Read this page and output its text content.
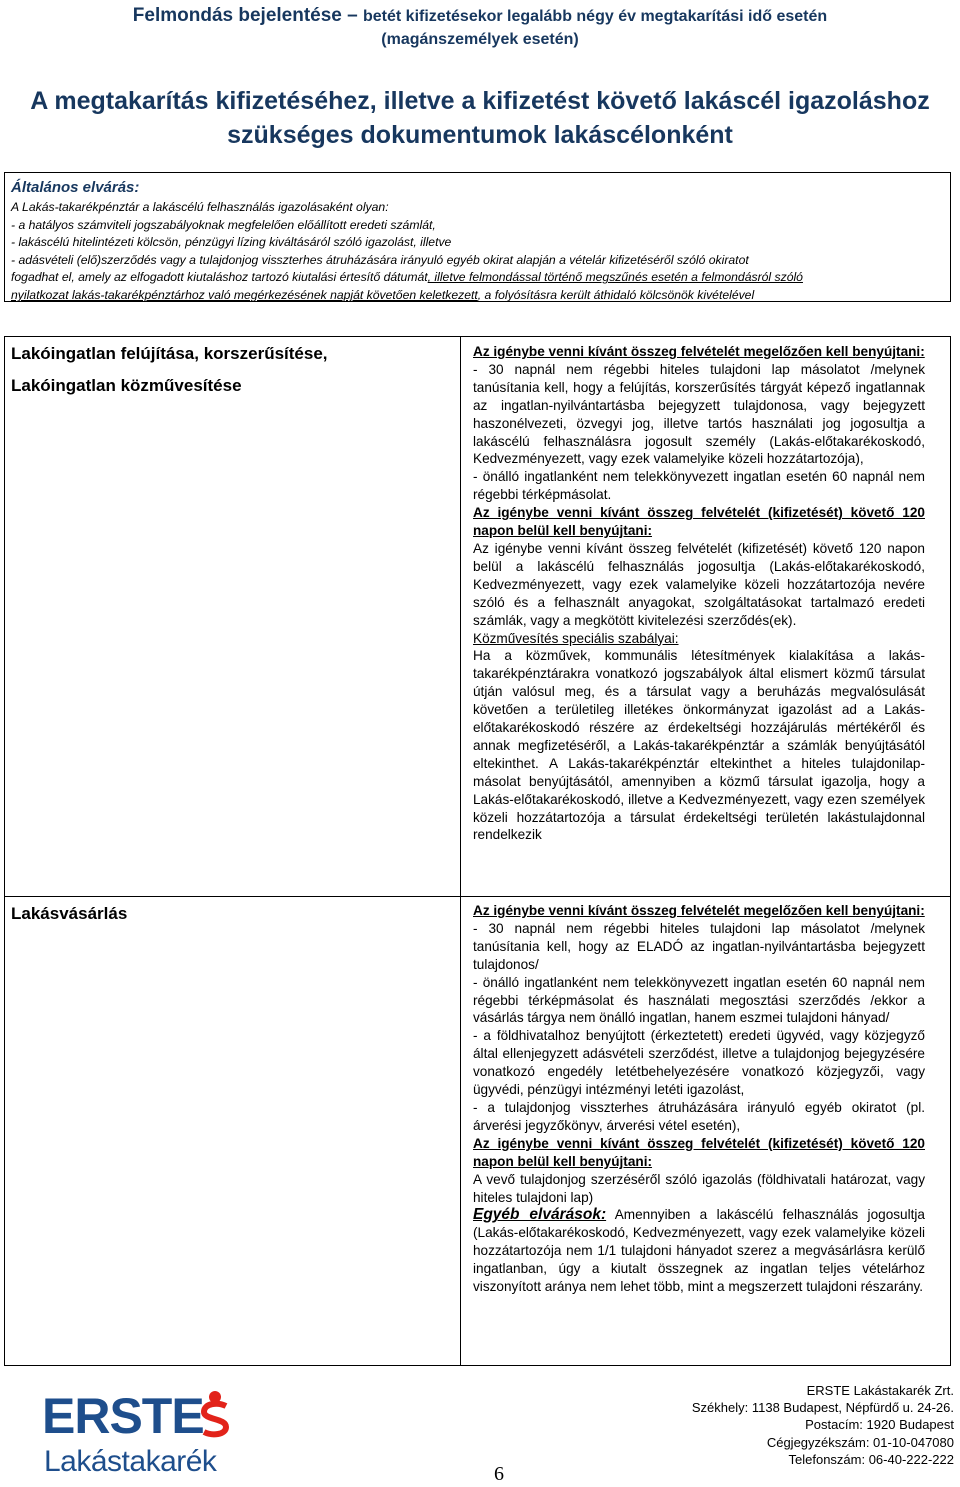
Felmondás bejelentése – betét kifizetésekor legalább négy év megtakarítási idő esetén
(magánszemélyek esetén)
A megtakarítás kifizetéséhez, illetve a kifizetést követő lakáscél igazoláshoz
szükséges dokumentumok lakáscélonként
Általános elvárás:
A Lakás-takarékpénztár a lakáscélú felhasználás igazolásaként olyan:
- a hatályos számviteli jogszabályoknak megfelelően előállított eredeti számlát,
- lakáscélú hitelintézeti kölcsön, pénzügyi lízing kiváltásáról szóló igazolást, illetve
- adásvételi (elő)szerződés vagy a tulajdonjog visszterhes átruházására irányuló egyéb okirat alapján a vételár kifizetéséről szóló okiratot
fogadhat el, amely az elfogadott kiutaláshoz tartozó kiutalási értesítő dátumát, illetve felmondással történő megszűnés esetén a felmondásról szóló
nyilatkozat lakás-takarékpénztárhoz való megérkezésének napját követően keletkezett, a folyósításra került áthidaló kölcsönök kivételével
Lakóingatlan felújítása, korszerűsítése,
Lakóingatlan közművesítése

Az igénybe venni kívánt összeg felvételét megelőzően kell benyújtani:

- 30 napnál nem régebbi hiteles tulajdoni lap másolatot /melynek tanúsítania kell, hogy a felújítás, korszerűsítés tárgyát képező ingatlannak az ingatlan-nyilvántartásba bejegyzett tulajdonosa, vagy bejegyzett haszonélvezeti, özvegyi jog, illetve tartós használati jog jogosultja a lakáscélú felhasználásra jogosult személy (Lakás-előtakarékoskodó, Kedvezményezett, vagy ezek valamelyike közeli hozzátartozója),

- önálló ingatlanként nem telekkönyvezett ingatlan esetén 60 napnál nem régebbi térképmásolat.

Az igénybe venni kívánt összeg felvételét (kifizetését) követő 120 napon belül kell benyújtani:

Az igénybe venni kívánt összeg felvételét (kifizetését) követő 120 napon belül a lakáscélú felhasználás jogosultja (Lakás-előtakarékoskodó, Kedvezményezett, vagy ezek valamelyike közeli hozzátartozója nevére szóló és a felhasznált anyagokat, szolgáltatásokat tartalmazó eredeti számlák, vagy a megkötött kivitelezési szerződés(ek).

Közművesítés speciális szabályai:

Ha a közművek, kommunális létesítmények kialakítása a lakás-takarékpénztárakra vonatkozó jogszabályok által elismert közmű társulat útján valósul meg, és a társulat vagy a beruházás megvalósulását követően a területileg illetékes önkormányzat igazolást ad a Lakás-előtakarékoskodó részére az érdekeltségi hozzájárulás mértékéről és annak megfizetéséről, a Lakás-takarékpénztár a számlák benyújtásától eltekinthet. A Lakás-takarékpénztár eltekinthet a hiteles tulajdonilap-másolat benyújtásától, amennyiben a közmű társulat igazolja, hogy a Lakás-előtakarékoskodó, illetve a Kedvezményezett, vagy ezen személyek közeli hozzátartozója a társulat érdekeltségi területén lakástulajdonnal rendelkezik

Lakásvásárlás	Az igénybe venni kívánt összeg felvételét megelőzően kell benyújtani:

- 30 napnál nem régebbi hiteles tulajdoni lap másolatot /melynek tanúsítania kell, hogy az ELADÓ az ingatlan-nyilvántartásba bejegyzett tulajdonos/

- önálló ingatlanként nem telekkönyvezett ingatlan esetén 60 napnál nem régebbi térképmásolat és használati megosztási szerződés /ekkor a vásárlás tárgya nem önálló ingatlan, hanem eszmei tulajdoni hányad/

- a földhivatalhoz benyújtott (érkeztetett) eredeti ügyvéd, vagy közjegyző által ellenjegyzett adásvételi szerződést, illetve a tulajdonjog bejegyzésére vonatkozó engedély letétbehelyezésére vonatkozó közjegyzői, vagy ügyvédi, pénzügyi intézményi letéti igazolást,

- a tulajdonjog visszterhes átruházására irányuló egyéb okiratot (pl. árverési jegyzőkönyv, árverési vétel esetén),

Az igénybe venni kívánt összeg felvételét (kifizetését) követő 120 napon belül kell benyújtani:

A vevő tulajdonjog szerzéséről szóló igazolás (földhivatali határozat, vagy hiteles tulajdoni lap)

Egyéb elvárások: Amennyiben a lakáscélú felhasználás jogosultja (Lakás-előtakarékoskodó, Kedvezményezett, vagy ezek valamelyike közeli hozzátartozója nem 1/1 tulajdoni hányadot szerez a megvásárlásra kerülő ingatlanban, úgy a kiutalt összegnek az ingatlan teljes vételárhoz viszonyított aránya nem lehet több, mint a megszerzett tulajdoni részarány.

ERSTE
Lakástakarék	6
ERSTE Lakástakarék Zrt.
Székhely: 1138 Budapest, Népfürdő u. 24-26.
Postacím: 1920 Budapest
Cégjegyzékszám: 01-10-047080
Telefonszám: 06-40-222-222
